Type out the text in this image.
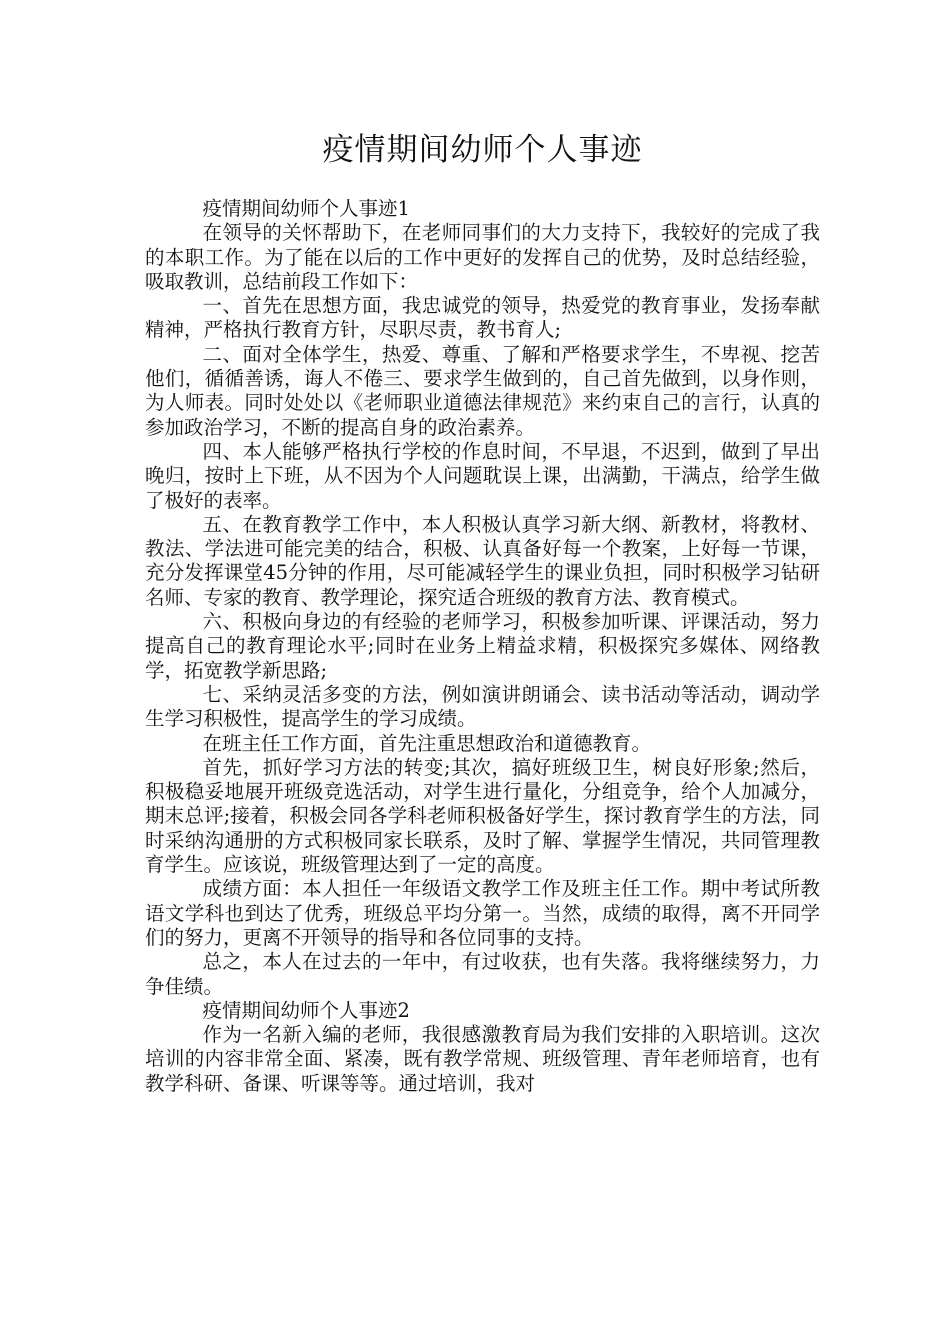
疫情期间幼师个人事迹

疫情期间幼师个人事迹1

在领导的关怀帮助下，在老师同事们的大力支持下，我较好的完成了我的本职工作。为了能在以后的工作中更好的发挥自己的优势，及时总结经验，吸取教训，总结前段工作如下：

一、首先在思想方面，我忠诚党的领导，热爱党的教育事业，发扬奉献精神，严格执行教育方针，尽职尽责，教书育人;

二、面对全体学生，热爱、尊重、了解和严格要求学生，不卑视、挖苦他们，循循善诱，诲人不倦三、要求学生做到的，自己首先做到，以身作则，为人师表。同时处处以《老师职业道德法律规范》来约束自己的言行，认真的参加政治学习，不断的提高自身的政治素养。

四、本人能够严格执行学校的作息时间，不早退，不迟到，做到了早出晚归，按时上下班，从不因为个人问题耽误上课，出满勤，干满点，给学生做了极好的表率。

五、在教育教学工作中，本人积极认真学习新大纲、新教材，将教材、教法、学法进可能完美的结合，积极、认真备好每一个教案，上好每一节课，充分发挥课堂45分钟的作用，尽可能减轻学生的课业负担，同时积极学习钻研名师、专家的教育、教学理论，探究适合班级的教育方法、教育模式。

六、积极向身边的有经验的老师学习，积极参加听课、评课活动，努力提高自己的教育理论水平;同时在业务上精益求精，积极探究多媒体、网络教学，拓宽教学新思路;

七、采纳灵活多变的方法，例如演讲朗诵会、读书活动等活动，调动学生学习积极性，提高学生的学习成绩。

在班主任工作方面，首先注重思想政治和道德教育。

首先，抓好学习方法的转变;其次，搞好班级卫生，树良好形象;然后，积极稳妥地展开班级竞选活动，对学生进行量化，分组竞争，给个人加减分，期末总评;接着，积极会同各学科老师积极备好学生，探讨教育学生的方法，同时采纳沟通册的方式积极同家长联系，及时了解、掌握学生情况，共同管理教育学生。应该说，班级管理达到了一定的高度。

成绩方面：本人担任一年级语文教学工作及班主任工作。期中考试所教语文学科也到达了优秀，班级总平均分第一。当然，成绩的取得，离不开同学们的努力，更离不开领导的指导和各位同事的支持。

总之，本人在过去的一年中，有过收获，也有失落。我将继续努力，力争佳绩。

疫情期间幼师个人事迹2

作为一名新入编的老师，我很感激教育局为我们安排的入职培训。这次培训的内容非常全面、紧凑，既有教学常规、班级管理、青年老师培育，也有教学科研、备课、听课等等。通过培训，我对
